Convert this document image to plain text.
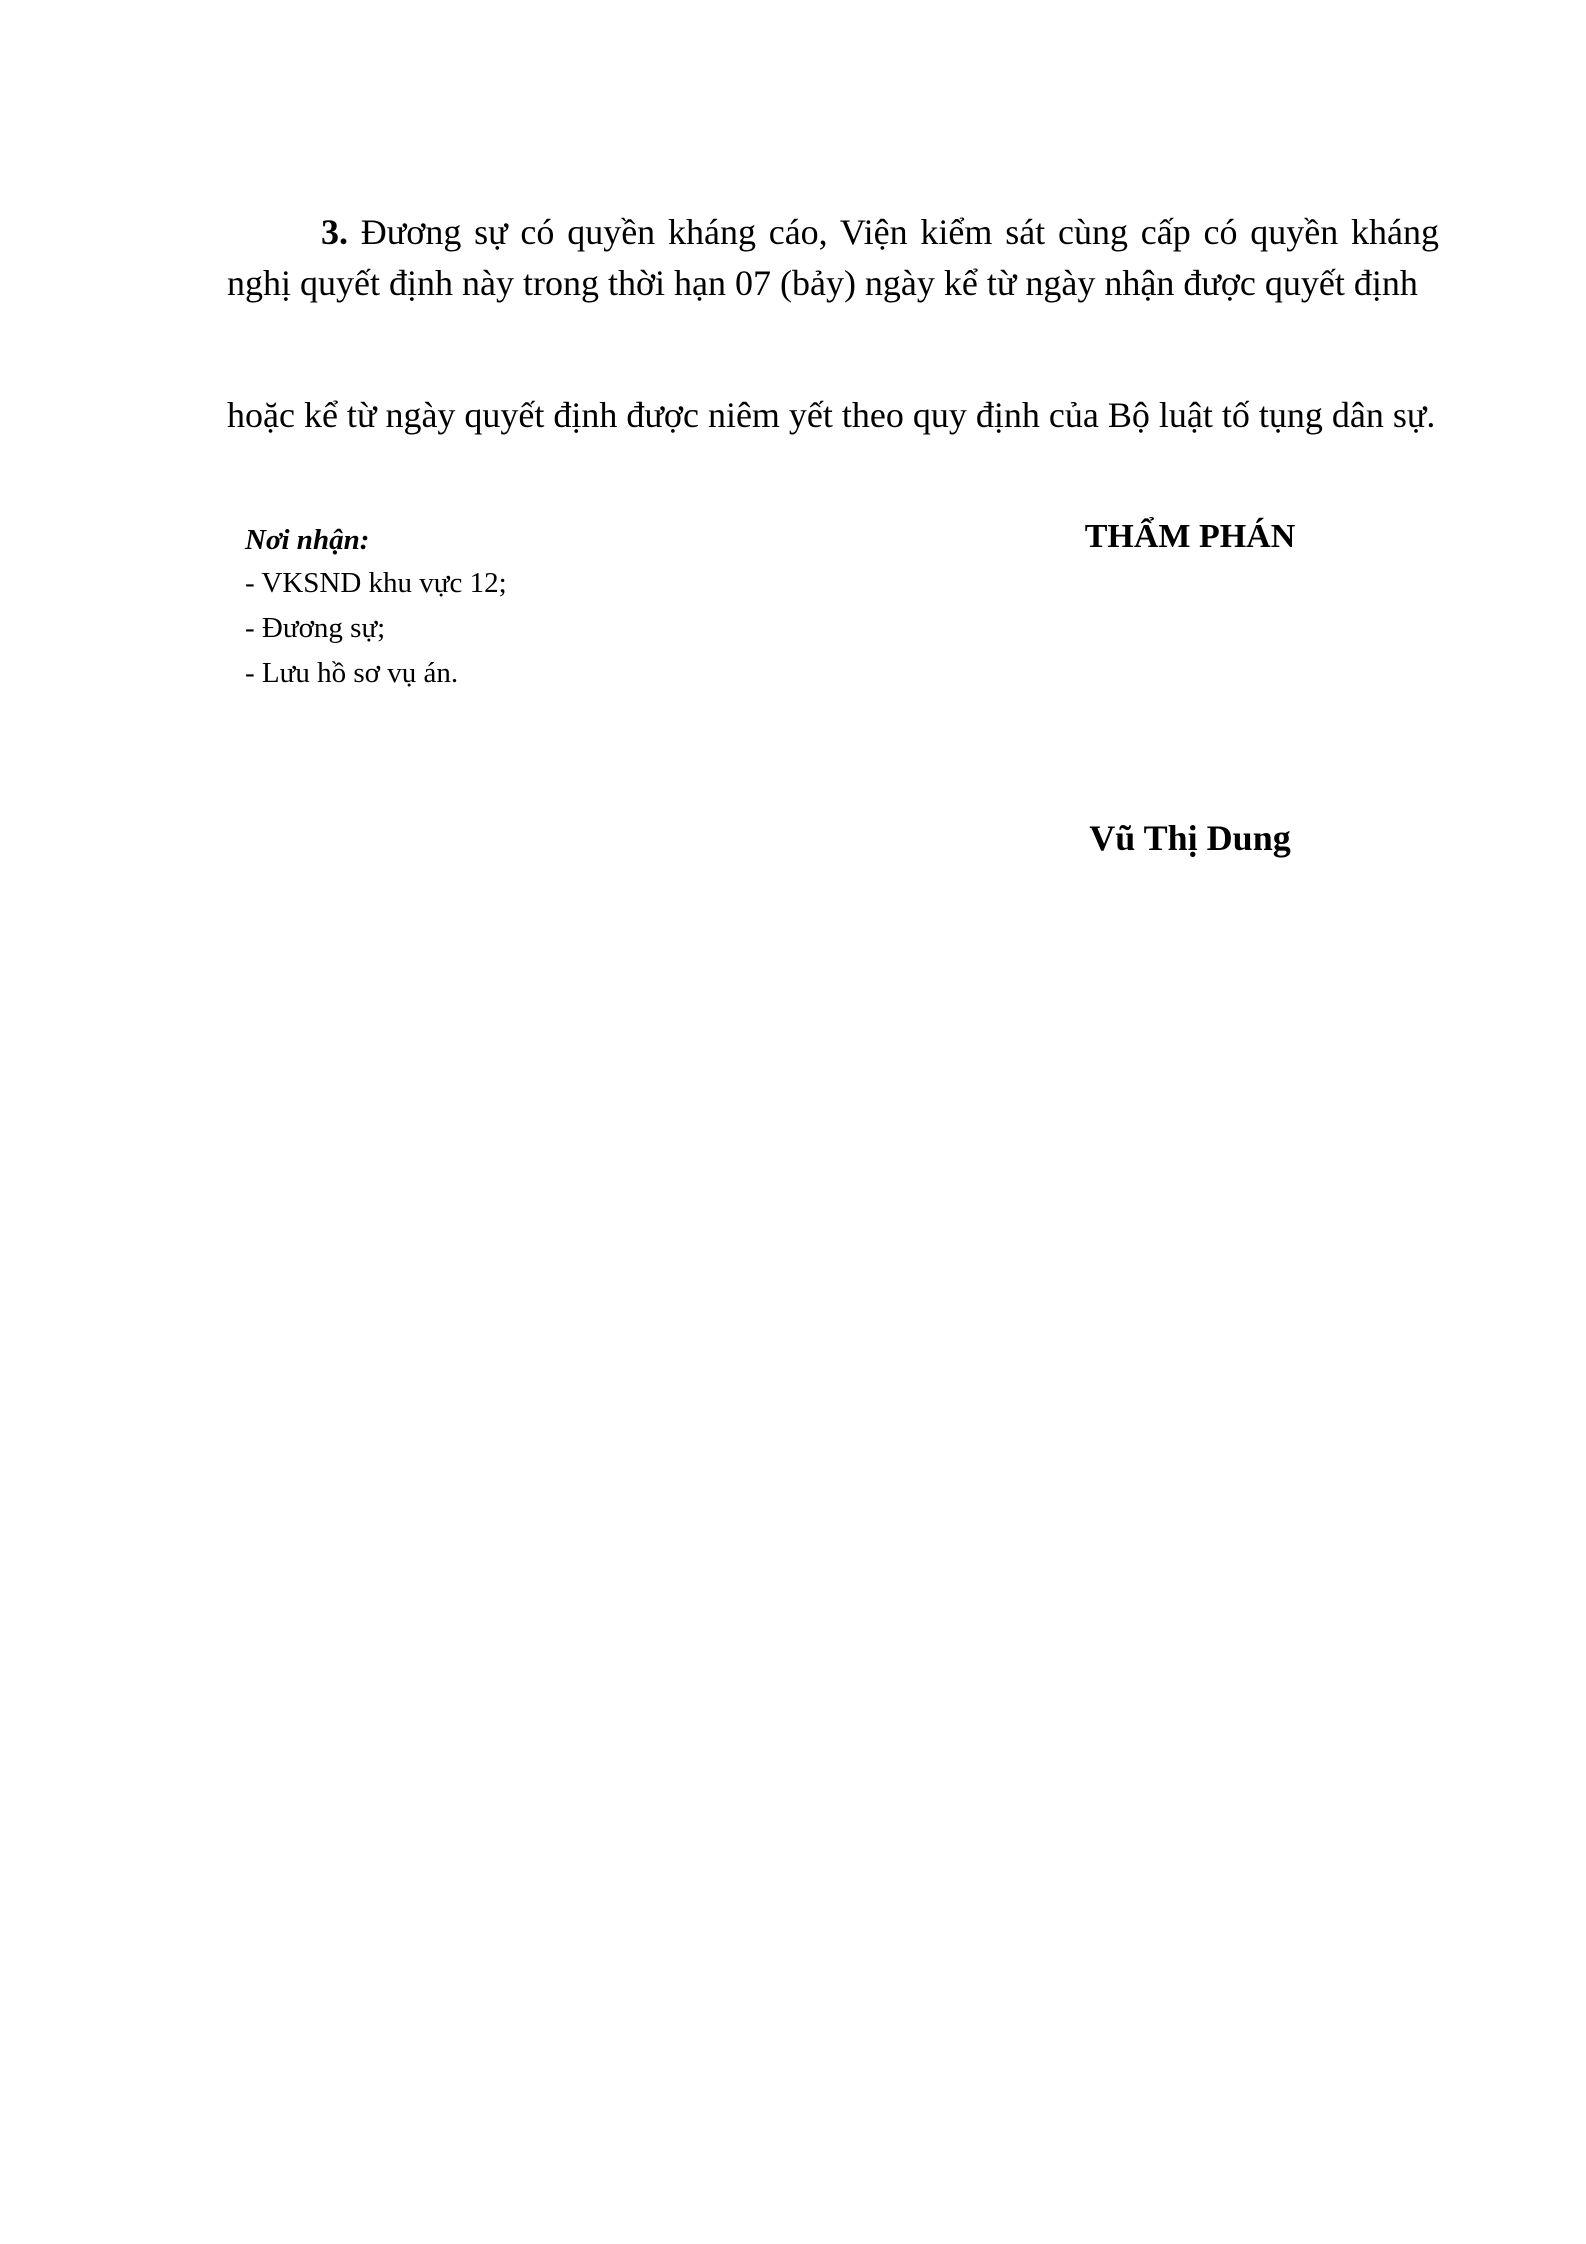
3. Đương sự có quyền kháng cáo, Viện kiểm sát cùng cấp có quyền kháng nghị quyết định này trong thời hạn 07 (bảy) ngày kể từ ngày nhận được quyết định

hoặc kể từ ngày quyết định được niêm yết theo quy định của Bộ luật tố tụng dân sự.

Nơi nhận:

- VKSND khu vực 12;
- Đương sự;
- Lưu hồ sơ vụ án.
THẨM PHÁN
Vũ Thị Dung
